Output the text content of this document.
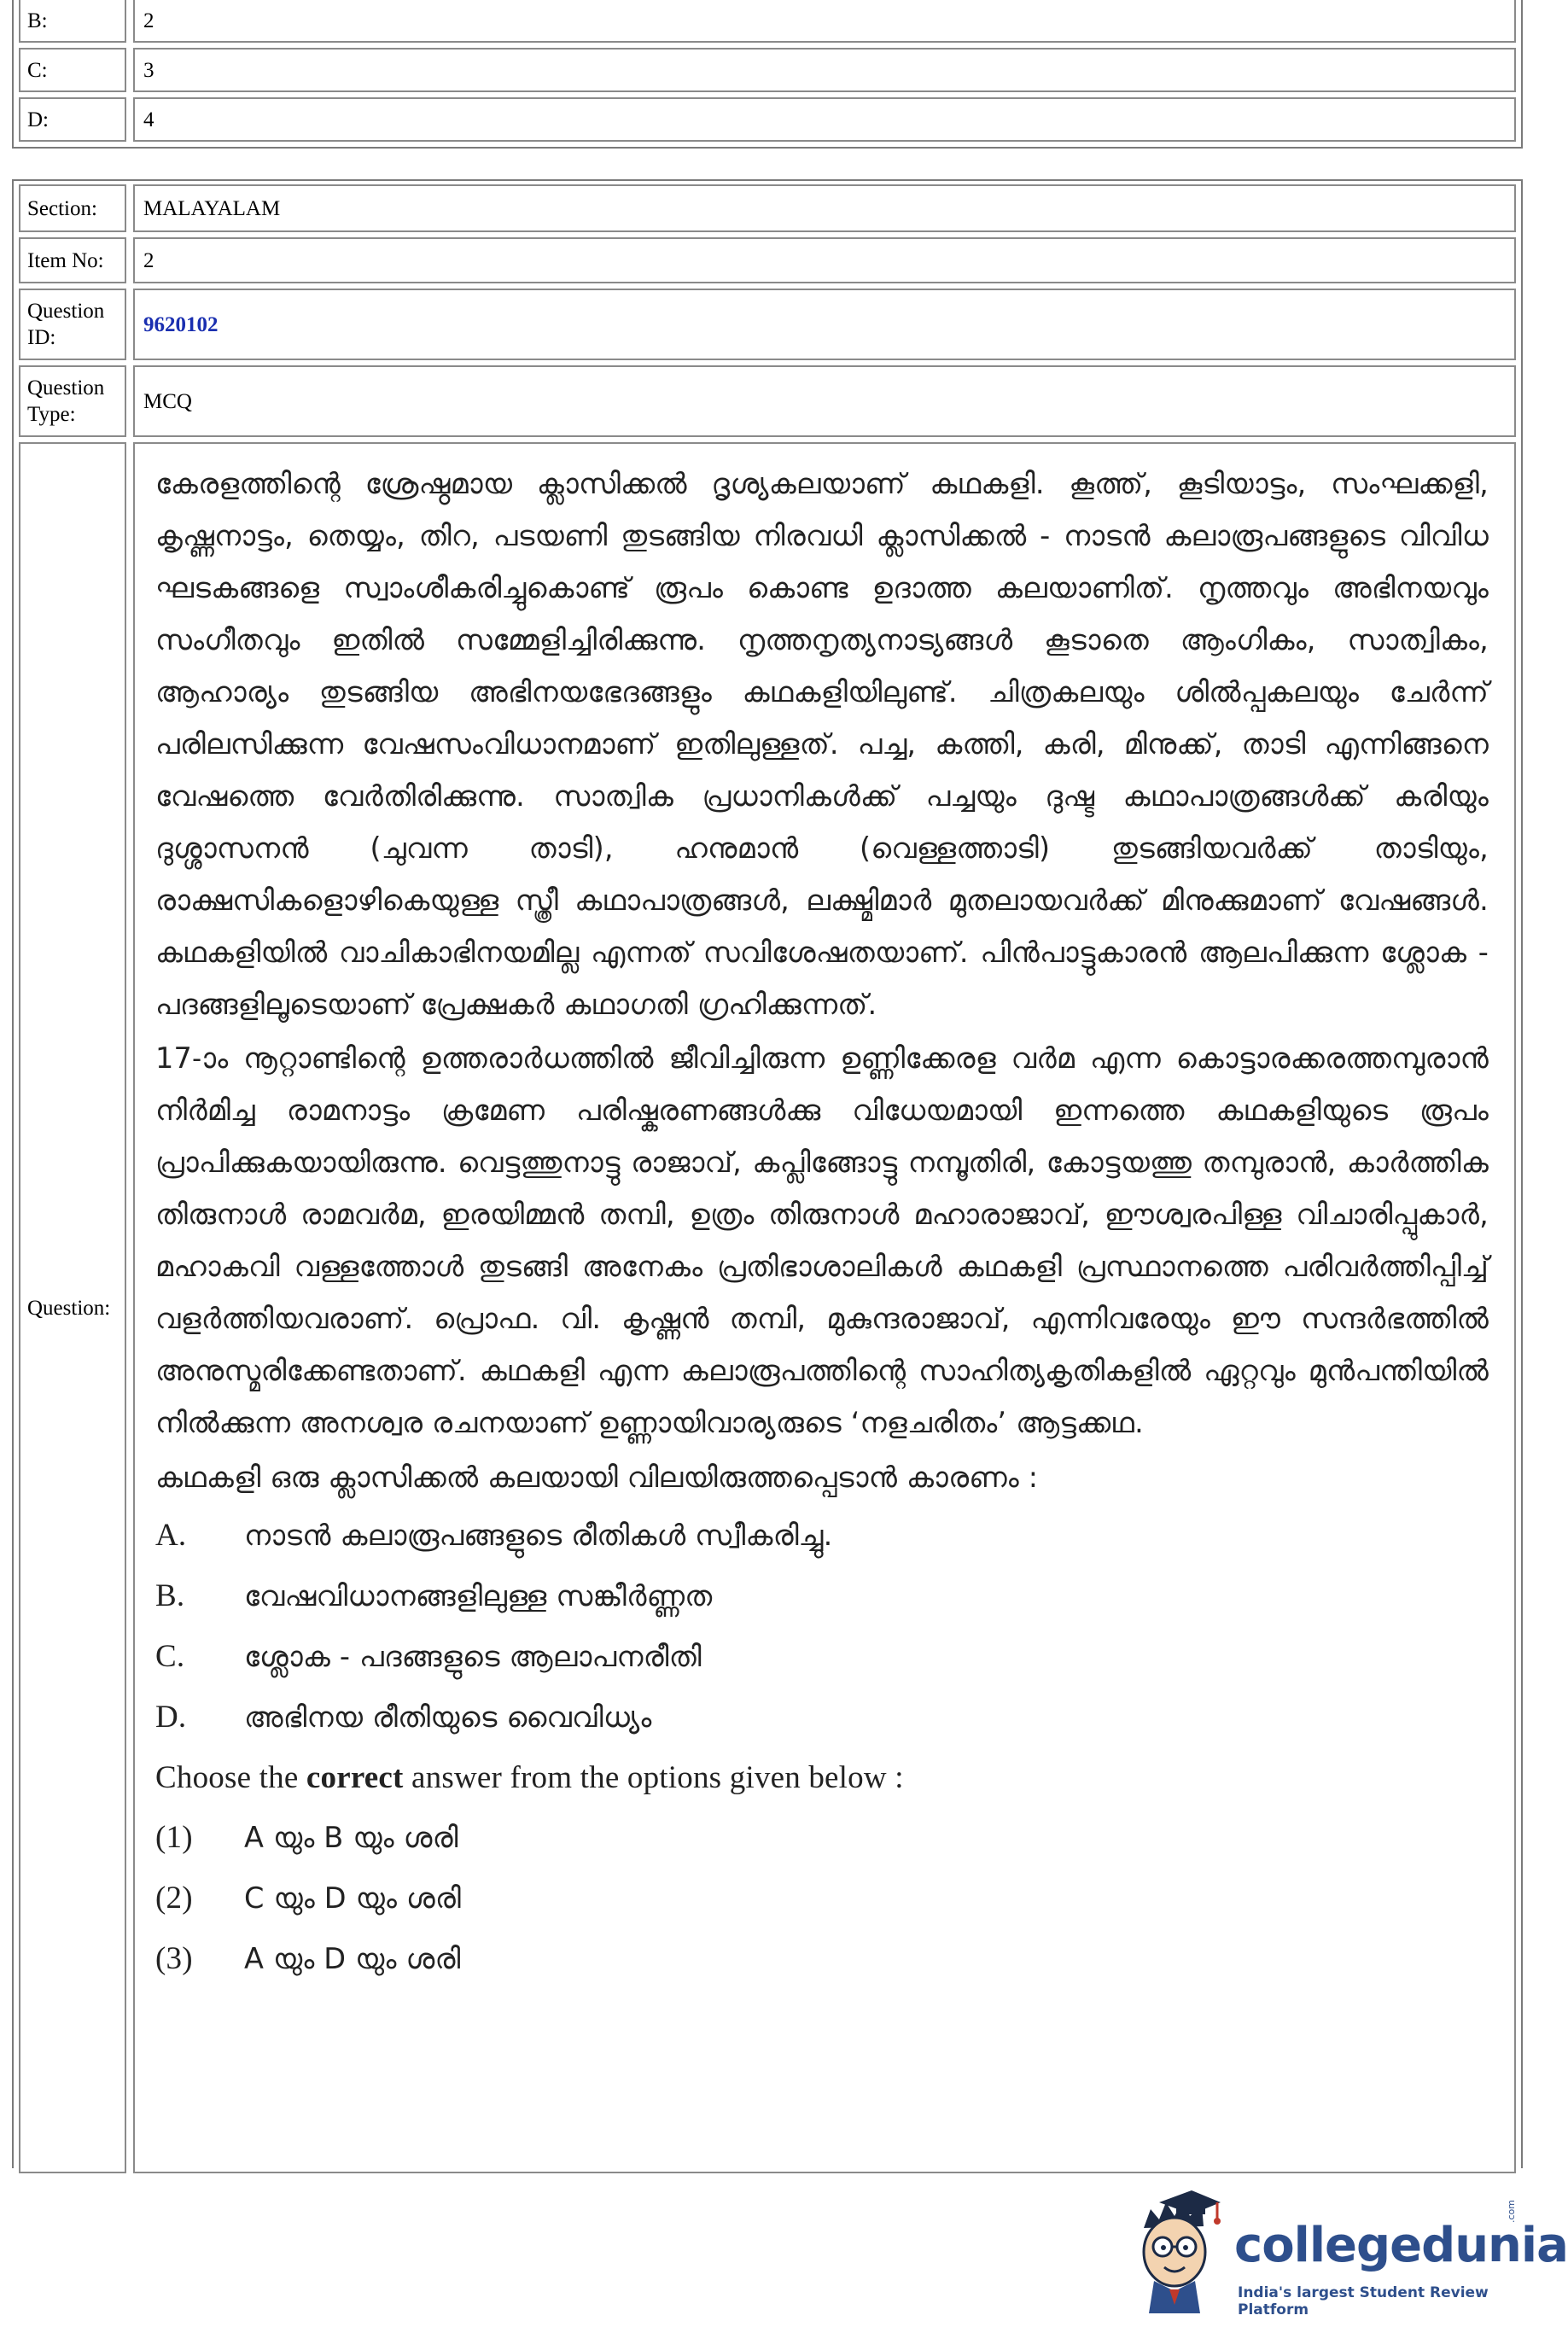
B:	2
C:	3
D:	4
Section:	MALAYALAM
Item No:	2
Question ID:
9620102
Question Type:
MCQ
Question:

കേരളത്തിന്റെ ശ്രേഷ്ഠമായ ക്ലാസിക്കൽ ദൃശ്യകലയാണ് കഥകളി. കൂത്ത്, കൂടിയാട്ടം, സംഘക്കളി, കൃഷ്ണനാട്ടം, തെയ്യം, തിറ, പടയണി തുടങ്ങിയ നിരവധി ക്ലാസിക്കൽ - നാടൻ കലാരൂപങ്ങളുടെ വിവിധ ഘടകങ്ങളെ സ്വാംശീകരിച്ചുകൊണ്ട് രൂപം കൊണ്ട ഉദാത്ത കലയാണിത്. നൃത്തവും അഭിനയവും സംഗീതവും ഇതിൽ സമ്മേളിച്ചിരിക്കുന്നു. നൃത്തനൃത്യനാട്യങ്ങൾ കൂടാതെ ആംഗികം, സാത്വികം, ആഹാര്യം തുടങ്ങിയ അഭിനയഭേദങ്ങളും കഥകളിയിലുണ്ട്. ചിത്രകലയും ശിൽപ്പകലയും ചേർന്ന് പരിലസിക്കുന്ന വേഷസംവിധാനമാണ് ഇതിലുള്ളത്. പച്ച, കത്തി, കരി, മിനുക്ക്, താടി എന്നിങ്ങനെ വേഷത്തെ വേർതിരിക്കുന്നു. സാത്വിക പ്രധാനികൾക്ക് പച്ചയും ദുഷ്ട കഥാപാത്രങ്ങൾക്ക് കരിയും ദുശ്ശാസനൻ (ചുവന്ന താടി), ഹനുമാൻ (വെള്ളത്താടി) തുടങ്ങിയവർക്ക് താടിയും, രാക്ഷസികളൊഴികെയുള്ള സ്ത്രീ കഥാപാത്രങ്ങൾ, ലക്ഷ്മിമാർ മുതലായവർക്ക് മിനുക്കുമാണ് വേഷങ്ങൾ. കഥകളിയിൽ വാചികാഭിനയമില്ല എന്നത് സവിശേഷതയാണ്. പിൻപാട്ടുകാരൻ ആലപിക്കുന്ന ശ്ലോക - പദങ്ങളിലൂടെയാണ് പ്രേക്ഷകർ കഥാഗതി ഗ്രഹിക്കുന്നത്.

17-ാം നൂറ്റാണ്ടിന്റെ ഉത്തരാർധത്തിൽ ജീവിച്ചിരുന്ന ഉണ്ണിക്കേരള വർമ എന്ന കൊട്ടാരക്കരത്തമ്പുരാൻ നിർമിച്ച രാമനാട്ടം ക്രമേണ പരിഷ്കരണങ്ങൾക്കു വിധേയമായി ഇന്നത്തെ കഥകളിയുടെ രൂപം പ്രാപിക്കുകയായിരുന്നു. വെട്ടത്തുനാട്ടു രാജാവ്, കപ്ലിങ്ങോട്ടു നമ്പൂതിരി, കോട്ടയത്തു തമ്പുരാൻ, കാർത്തിക തിരുനാൾ രാമവർമ, ഇരയിമ്മൻ തമ്പി, ഉത്രം തിരുനാൾ മഹാരാജാവ്, ഈശ്വരപിള്ള വിചാരിപ്പുകാർ, മഹാകവി വള്ളത്തോൾ തുടങ്ങി അനേകം പ്രതിഭാശാലികൾ കഥകളി പ്രസ്ഥാനത്തെ പരിവർത്തിപ്പിച്ച് വളർത്തിയവരാണ്. പ്രൊഫ. വി. കൃഷ്ണൻ തമ്പി, മുകുന്ദരാജാവ്, എന്നിവരേയും ഈ സന്ദർഭത്തിൽ അനുസ്മരിക്കേണ്ടതാണ്. കഥകളി എന്ന കലാരൂപത്തിന്റെ സാഹിത്യകൃതികളിൽ ഏറ്റവും മുൻപന്തിയിൽ നിൽക്കുന്ന അനശ്വര രചനയാണ് ഉണ്ണായിവാര്യരുടെ ‘നളചരിതം’ ആട്ടക്കഥ.

കഥകളി ഒരു ക്ലാസിക്കൽ കലയായി വിലയിരുത്തപ്പെടാൻ കാരണം :
A.	നാടൻ കലാരൂപങ്ങളുടെ രീതികൾ സ്വീകരിച്ചു.
B.	വേഷവിധാനങ്ങളിലുള്ള സങ്കീർണ്ണത
C.	ശ്ലോക - പദങ്ങളുടെ ആലാപനരീതി
D.	അഭിനയ രീതിയുടെ വൈവിധ്യം
Choose the correct answer from the options given below :
(1)	A യും B യും ശരി
(2)	C യും D യും ശരി
(3)	A യും D യും ശരി
collegedunia
.com
India's largest Student Review Platform
